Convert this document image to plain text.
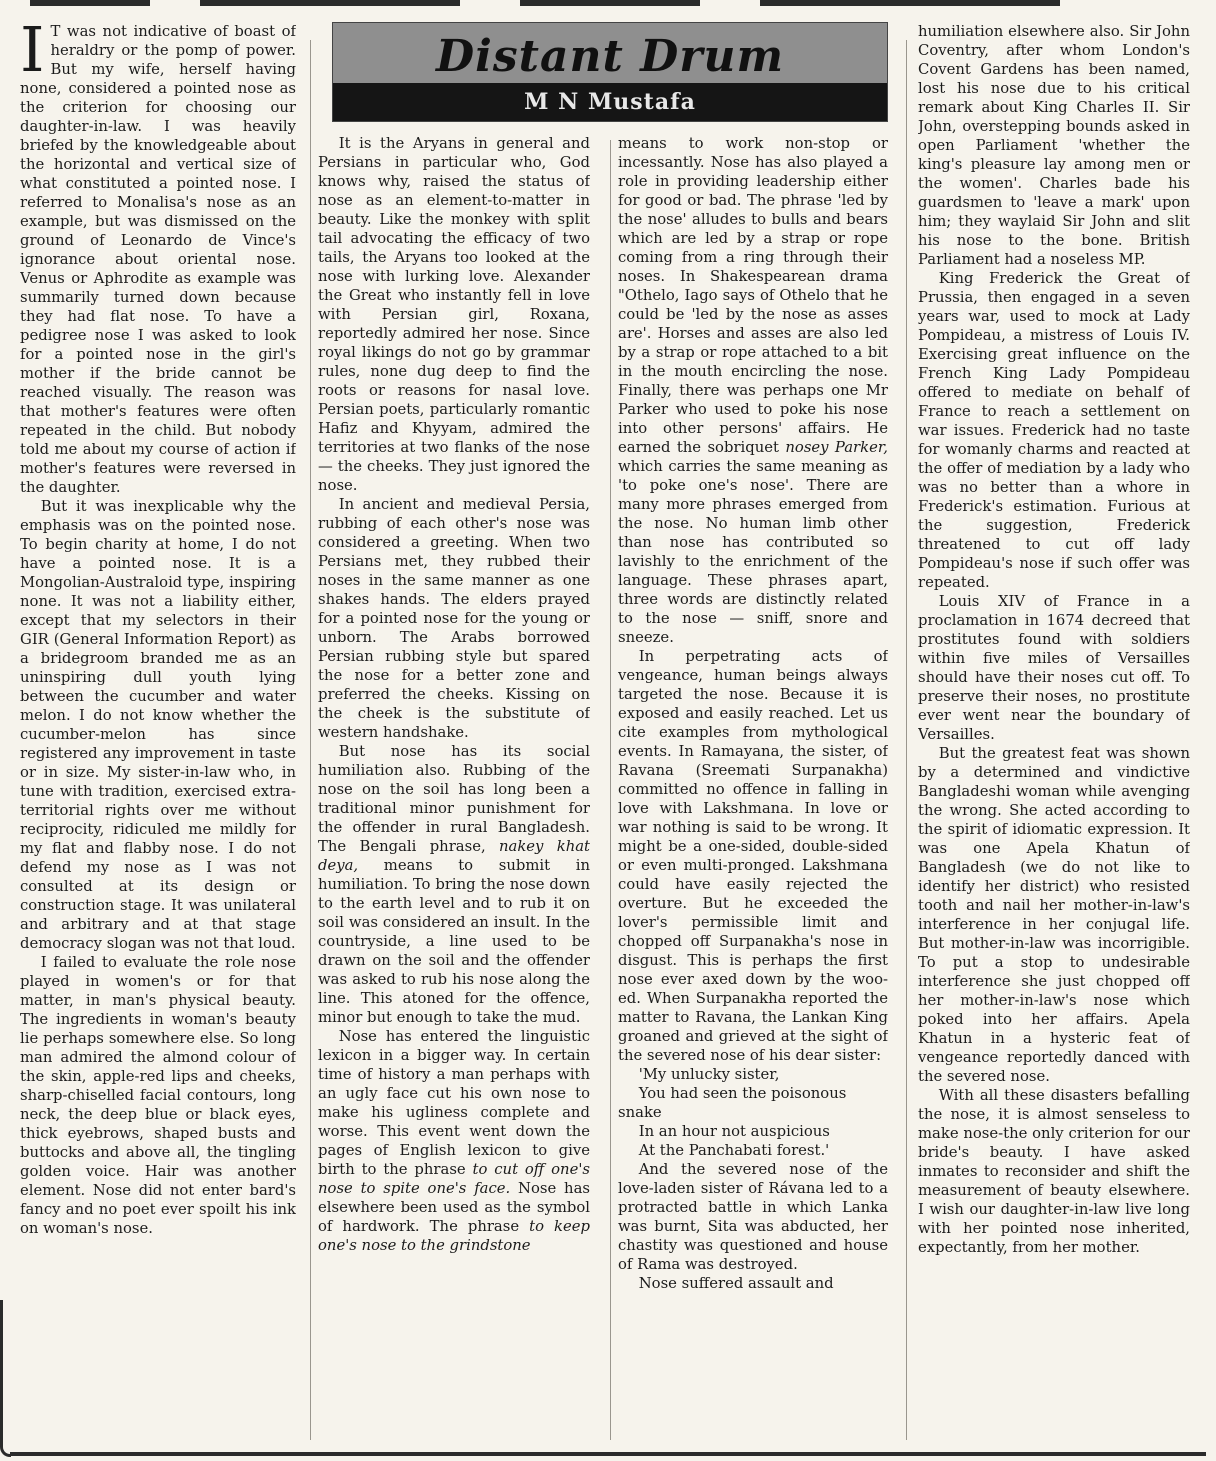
I T was not indicative of boast of heraldry or the pomp of power. But my wife, herself having none, considered a pointed nose as the criterion for choosing our daughter-in-law. I was heavily briefed by the knowledgeable about the horizontal and vertical size of what constituted a pointed nose. I referred to Monalisa's nose as an example, but was dismissed on the ground of Leonardo de Vince's ignorance about oriental nose. Venus or Aphrodite as example was summarily turned down because they had flat nose. To have a pedigree nose I was asked to look for a pointed nose in the girl's mother if the bride cannot be reached visually. The reason was that mother's features were often repeated in the child. But nobody told me about my course of action if mother's features were reversed in the daughter.

But it was inexplicable why the emphasis was on the pointed nose. To begin charity at home, I do not have a pointed nose. It is a Mongolian-Australoid type, inspiring none. It was not a liability either, except that my selectors in their GIR (General Information Report) as a bridegroom branded me as an uninspiring dull youth lying between the cucumber and water melon. I do not know whether the cucumber-melon has since registered any improvement in taste or in size. My sister-in-law who, in tune with tradition, exercised extra-territorial rights over me without reciprocity, ridiculed me mildly for my flat and flabby nose. I do not defend my nose as I was not consulted at its design or construction stage. It was unilateral and arbitrary and at that stage democracy slogan was not that loud.

I failed to evaluate the role nose played in women's or for that matter, in man's physical beauty. The ingredients in woman's beauty lie perhaps somewhere else. So long man admired the almond colour of the skin, apple-red lips and cheeks, sharp-chiselled facial contours, long neck, the deep blue or black eyes, thick eyebrows, shaped busts and buttocks and above all, the tingling golden voice. Hair was another element. Nose did not enter bard's fancy and no poet ever spoilt his ink on woman's nose.

Distant Drum
M N Mustafa

It is the Aryans in general and Persians in particular who, God knows why, raised the status of nose as an element-to-matter in beauty. Like the monkey with split tail advocating the efficacy of two tails, the Aryans too looked at the nose with lurking love. Alexander the Great who instantly fell in love with Persian girl, Roxana, reportedly admired her nose. Since royal likings do not go by grammar rules, none dug deep to find the roots or reasons for nasal love. Persian poets, particularly romantic Hafiz and Khyyam, admired the territories at two flanks of the nose — the cheeks. They just ignored the nose.

In ancient and medieval Persia, rubbing of each other's nose was considered a greeting. When two Persians met, they rubbed their noses in the same manner as one shakes hands. The elders prayed for a pointed nose for the young or unborn. The Arabs borrowed Persian rubbing style but spared the nose for a better zone and preferred the cheeks. Kissing on the cheek is the substitute of western handshake.

But nose has its social humiliation also. Rubbing of the nose on the soil has long been a traditional minor punishment for the offender in rural Bangladesh. The Bengali phrase, nakey khat deya, means to submit in humiliation. To bring the nose down to the earth level and to rub it on soil was considered an insult. In the countryside, a line used to be drawn on the soil and the offender was asked to rub his nose along the line. This atoned for the offence, minor but enough to take the mud.

Nose has entered the linguistic lexicon in a bigger way. In certain time of history a man perhaps with an ugly face cut his own nose to make his ugliness complete and worse. This event went down the pages of English lexicon to give birth to the phrase to cut off one's nose to spite one's face. Nose has elsewhere been used as the symbol of hardwork. The phrase to keep one's nose to the grindstone

means to work non-stop or incessantly. Nose has also played a role in providing leadership either for good or bad. The phrase 'led by the nose' alludes to bulls and bears which are led by a strap or rope coming from a ring through their noses. In Shakespearean drama "Othelo, Iago says of Othelo that he could be 'led by the nose as asses are'. Horses and asses are also led by a strap or rope attached to a bit in the mouth encircling the nose. Finally, there was perhaps one Mr Parker who used to poke his nose into other persons' affairs. He earned the sobriquet nosey Parker, which carries the same meaning as 'to poke one's nose'. There are many more phrases emerged from the nose. No human limb other than nose has contributed so lavishly to the enrichment of the language. These phrases apart, three words are distinctly related to the nose — sniff, snore and sneeze.

In perpetrating acts of vengeance, human beings always targeted the nose. Because it is exposed and easily reached. Let us cite examples from mythological events. In Ramayana, the sister, of Ravana (Sreemati Surpanakha) committed no offence in falling in love with Lakshmana. In love or war nothing is said to be wrong. It might be a one-sided, double-sided or even multi-pronged. Lakshmana could have easily rejected the overture. But he exceeded the lover's permissible limit and chopped off Surpanakha's nose in disgust. This is perhaps the first nose ever axed down by the woo-ed. When Surpanakha reported the matter to Ravana, the Lankan King groaned and grieved at the sight of the severed nose of his dear sister:

'My unlucky sister,

You had seen the poisonous snake

In an hour not auspicious

At the Panchabati forest.'

And the severed nose of the love-laden sister of Rávana led to a protracted battle in which Lanka was burnt, Sita was abducted, her chastity was questioned and house of Rama was destroyed.

Nose suffered assault and

humiliation elsewhere also. Sir John Coventry, after whom London's Covent Gardens has been named, lost his nose due to his critical remark about King Charles II. Sir John, overstepping bounds asked in open Parliament 'whether the king's pleasure lay among men or the women'. Charles bade his guardsmen to 'leave a mark' upon him; they waylaid Sir John and slit his nose to the bone. British Parliament had a noseless MP.

King Frederick the Great of Prussia, then engaged in a seven years war, used to mock at Lady Pompideau, a mistress of Louis IV. Exercising great influence on the French King Lady Pompideau offered to mediate on behalf of France to reach a settlement on war issues. Frederick had no taste for womanly charms and reacted at the offer of mediation by a lady who was no better than a whore in Frederick's estimation. Furious at the suggestion, Frederick threatened to cut off lady Pompideau's nose if such offer was repeated.

Louis XIV of France in a proclamation in 1674 decreed that prostitutes found with soldiers within five miles of Versailles should have their noses cut off. To preserve their noses, no prostitute ever went near the boundary of Versailles.

But the greatest feat was shown by a determined and vindictive Bangladeshi woman while avenging the wrong. She acted according to the spirit of idiomatic expression. It was one Apela Khatun of Bangladesh (we do not like to identify her district) who resisted tooth and nail her mother-in-law's interference in her conjugal life. But mother-in-law was incorrigible. To put a stop to undesirable interference she just chopped off her mother-in-law's nose which poked into her affairs. Apela Khatun in a hysteric feat of vengeance reportedly danced with the severed nose.

With all these disasters befalling the nose, it is almost senseless to make nose-the only criterion for our bride's beauty. I have asked inmates to reconsider and shift the measurement of beauty elsewhere. I wish our daughter-in-law live long with her pointed nose inherited, expectantly, from her mother.
